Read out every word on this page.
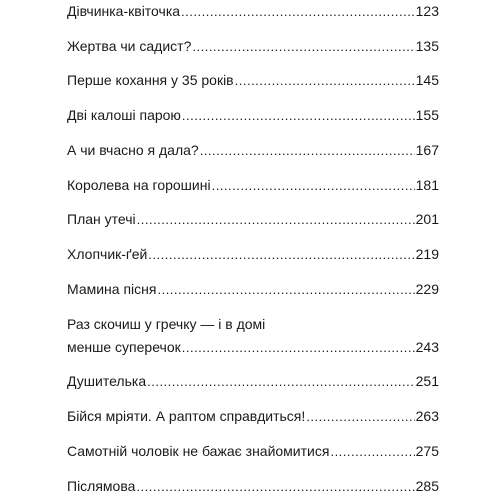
Дівчинка-квіточка .....	123
Жертва чи садист? .....	135
Перше кохання у 35 років .....	145
Дві калоші парою .....	155
А чи вчасно я дала? .....	167
Королева на горошині .....	181
План утечі .....	201
Хлопчик-ґей .....	219
Мамина пісня .....	229
Раз скочиш у гречку — і в домі
менше суперечок .....	243
Душителька .....	251
Бійся мріяти. А раптом справдиться! .....	263
Самотній чоловік не бажає знайомитися .....	275
Післямова .....	285
